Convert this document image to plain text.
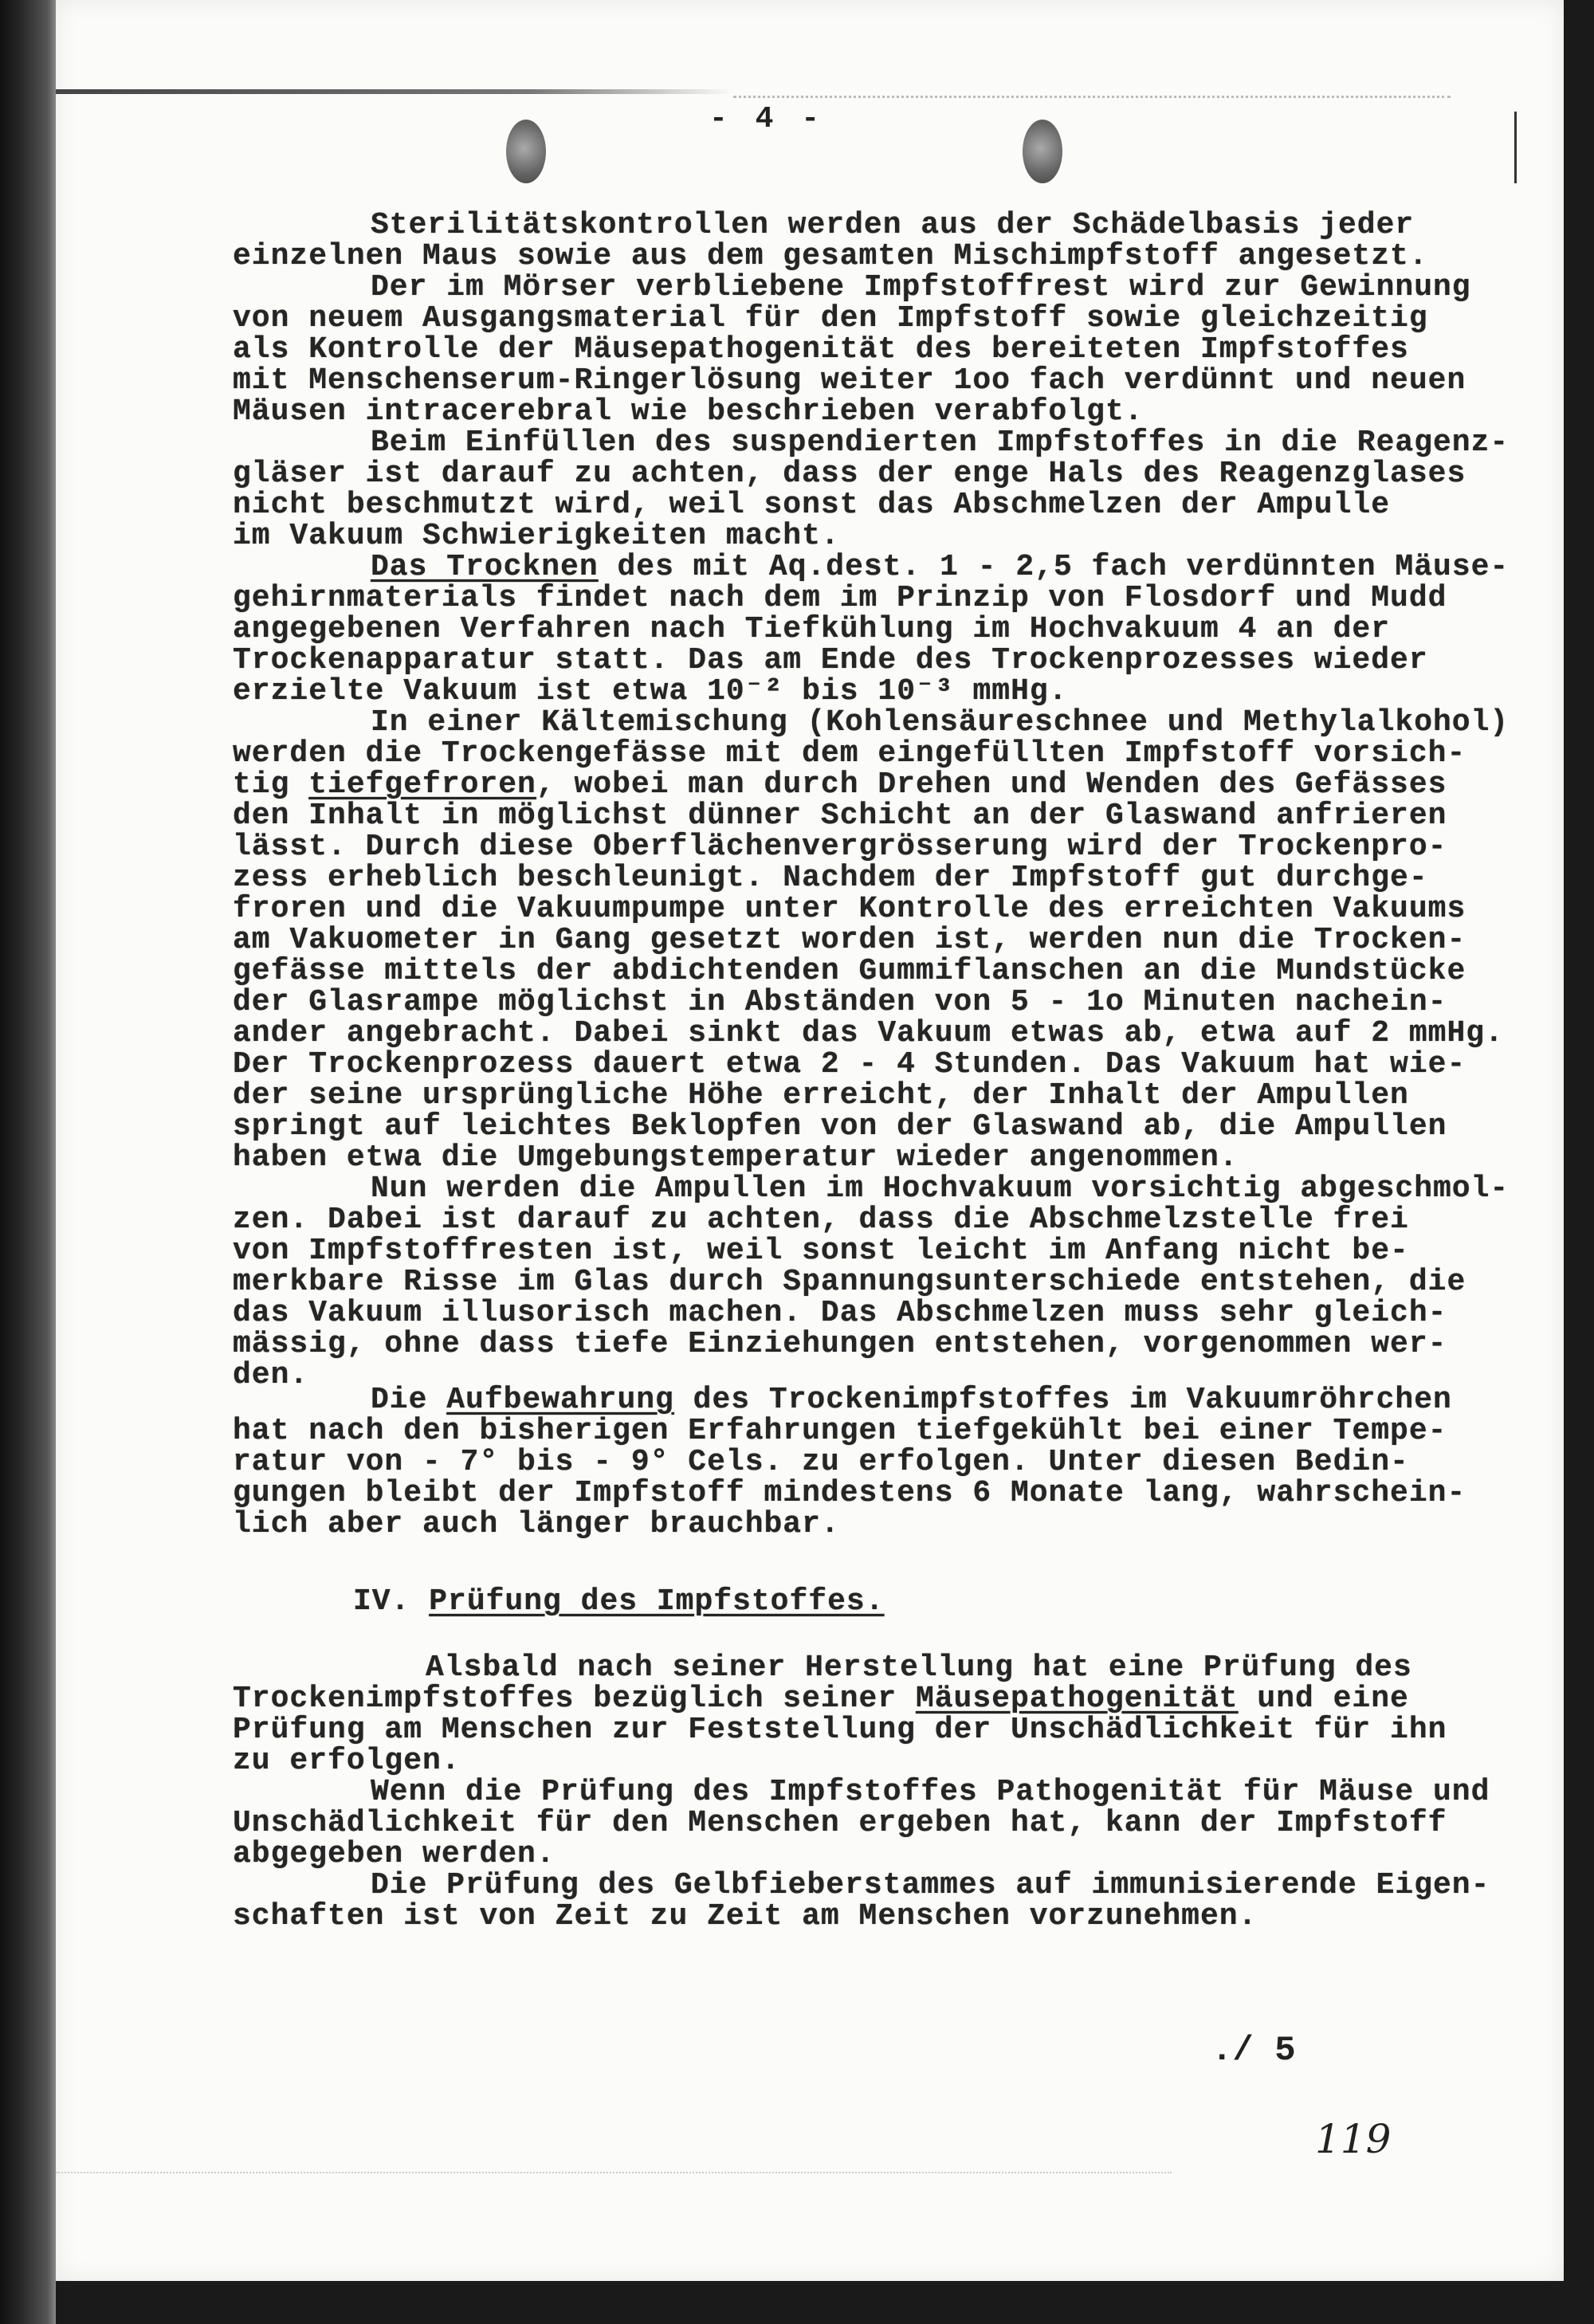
- 4 -
Sterilitätskontrollen werden aus der Schädelbasis jeder
einzelnen Maus sowie aus dem gesamten Mischimpfstoff angesetzt.
Der im Mörser verbliebene Impfstoffrest wird zur Gewinnung
von neuem Ausgangsmaterial für den Impfstoff sowie gleichzeitig
als Kontrolle der Mäusepathogenität des bereiteten Impfstoffes
mit Menschenserum-Ringerlösung weiter 1oo fach verdünnt und neuen
Mäusen intracerebral wie beschrieben verabfolgt.
Beim Einfüllen des suspendierten Impfstoffes in die Reagenz-
gläser ist darauf zu achten, dass der enge Hals des Reagenzglases
nicht beschmutzt wird, weil sonst das Abschmelzen der Ampulle
im Vakuum Schwierigkeiten macht.
Das Trocknen des mit Aq.dest. 1 - 2,5 fach verdünnten Mäuse-
gehirnmaterials findet nach dem im Prinzip von Flosdorf und Mudd
angegebenen Verfahren nach Tiefkühlung im Hochvakuum 4 an der
Trockenapparatur statt. Das am Ende des Trockenprozesses wieder
erzielte Vakuum ist etwa 10⁻² bis 10⁻³ mmHg.
In einer Kältemischung (Kohlensäureschnee und Methylalkohol)
werden die Trockengefässe mit dem eingefüllten Impfstoff vorsich-
tig tiefgefroren, wobei man durch Drehen und Wenden des Gefässes
den Inhalt in möglichst dünner Schicht an der Glaswand anfrieren
lässt. Durch diese Oberflächenvergrösserung wird der Trockenpro-
zess erheblich beschleunigt. Nachdem der Impfstoff gut durchge-
froren und die Vakuumpumpe unter Kontrolle des erreichten Vakuums
am Vakuometer in Gang gesetzt worden ist, werden nun die Trocken-
gefässe mittels der abdichtenden Gummiflanschen an die Mundstücke
der Glasrampe möglichst in Abständen von 5 - 1o Minuten nachein-
ander angebracht. Dabei sinkt das Vakuum etwas ab, etwa auf 2 mmHg.
Der Trockenprozess dauert etwa 2 - 4 Stunden. Das Vakuum hat wie-
der seine ursprüngliche Höhe erreicht, der Inhalt der Ampullen
springt auf leichtes Beklopfen von der Glaswand ab, die Ampullen
haben etwa die Umgebungstemperatur wieder angenommen.
Nun werden die Ampullen im Hochvakuum vorsichtig abgeschmol-
zen. Dabei ist darauf zu achten, dass die Abschmelzstelle frei
von Impfstoffresten ist, weil sonst leicht im Anfang nicht be-
merkbare Risse im Glas durch Spannungsunterschiede entstehen, die
das Vakuum illusorisch machen. Das Abschmelzen muss sehr gleich-
mässig, ohne dass tiefe Einziehungen entstehen, vorgenommen wer-
den.
Die Aufbewahrung des Trockenimpfstoffes im Vakuumröhrchen
hat nach den bisherigen Erfahrungen tiefgekühlt bei einer Tempe-
ratur von - 7° bis - 9° Cels. zu erfolgen. Unter diesen Bedin-
gungen bleibt der Impfstoff mindestens 6 Monate lang, wahrschein-
lich aber auch länger brauchbar.
IV. Prüfung des Impfstoffes.
Alsbald nach seiner Herstellung hat eine Prüfung des
Trockenimpfstoffes bezüglich seiner Mäusepathogenität und eine
Prüfung am Menschen zur Feststellung der Unschädlichkeit für ihn
zu erfolgen.
Wenn die Prüfung des Impfstoffes Pathogenität für Mäuse und
Unschädlichkeit für den Menschen ergeben hat, kann der Impfstoff
abgegeben werden.
Die Prüfung des Gelbfieberstammes auf immunisierende Eigen-
schaften ist von Zeit zu Zeit am Menschen vorzunehmen.
./ 5
119
